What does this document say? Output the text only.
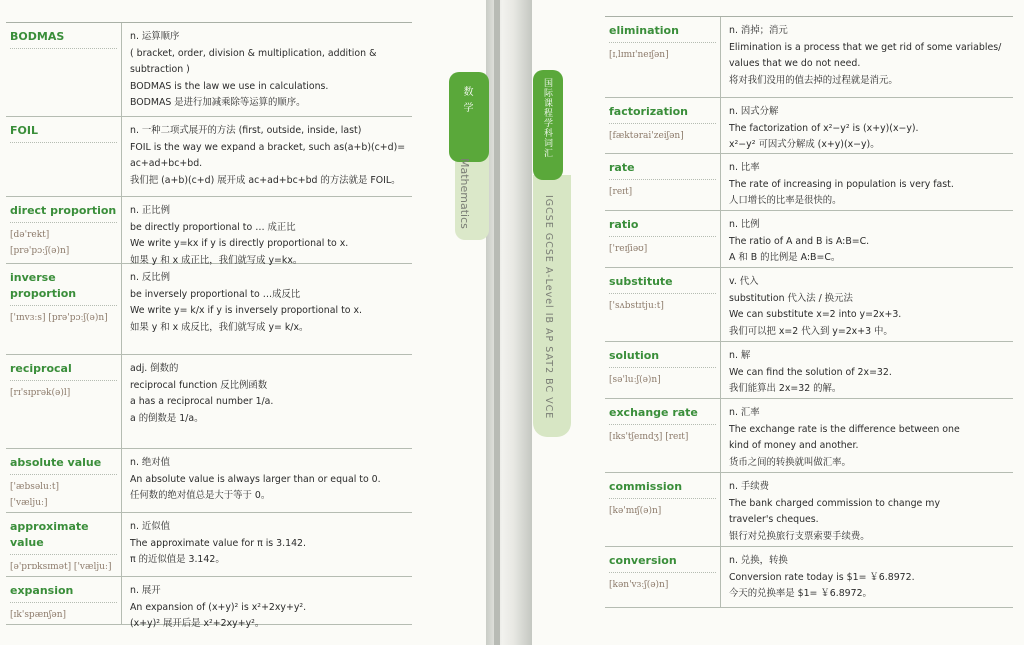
BODMAS	n. 运算顺序
( bracket, order, division & multiplication, addition &
subtraction )
BODMAS is the law we use in calculations.
BODMAS 是进行加减乘除等运算的顺序。
FOIL	n. 一种二项式展开的方法 (first, outside, inside, last)
FOIL is the way we expand a bracket, such as(a+b)(c+d)=
ac+ad+bc+bd.
我们把 (a+b)(c+d) 展开成 ac+ad+bc+bd 的方法就是 FOIL。
direct proportion
[də'rekt]
[prə'pɔːʃ(ə)n]
n. 正比例
be directly proportional to … 成正比
We write y=kx if y is directly proportional to x.
如果 y 和 x 成正比，我们就写成 y=kx。
inverse proportion
['ɪnvɜːs] [prə'pɔːʃ(ə)n]
n. 反比例
be inversely proportional to …成反比
We write y= k/x if y is inversely proportional to x.
如果 y 和 x 成反比，我们就写成 y= k/x。
reciprocal
[rɪ'sɪprək(ə)l]
adj. 倒数的
reciprocal function 反比例函数
a has a reciprocal number 1/a.
a 的倒数是 1/a。
absolute value
['æbsəluːt]
['væljuː]
n. 绝对值
An absolute value is always larger than or equal to 0.
任何数的绝对值总是大于等于 0。
approximate value
[ə'prɒksɪmət] ['væljuː]
n. 近似值
The approximate value for π is 3.142.
π 的近似值是 3.142。
expansion
[ɪk'spænʃən]
n. 展开
An expansion of (x+y)² is x²+2xy+y².
(x+y)² 展开后是 x²+2xy+y²。
elimination
[ɪˌlɪmɪ'neɪʃən]
n. 消掉；消元
Elimination is a process that we get rid of some variables/
values that we do not need.
将对我们没用的值去掉的过程就是消元。
factorization
[fæktərai'zeiʃən]
n. 因式分解
The factorization of x²−y² is (x+y)(x−y).
x²−y² 可因式分解成 (x+y)(x−y)。
rate
[reɪt]
n. 比率
The rate of increasing in population is very fast.
人口增长的比率是很快的。
ratio
['reɪʃiəʊ]
n. 比例
The ratio of A and B is A:B=C.
A 和 B 的比例是 A:B=C。
substitute
['sʌbstɪtjuːt]
v. 代入
substitution 代入法 / 换元法
We can substitute x=2 into y=2x+3.
我们可以把 x=2 代入到 y=2x+3 中。
solution
[sə'luːʃ(ə)n]
n. 解
We can find the solution of 2x=32.
我们能算出 2x=32 的解。
exchange rate
[ɪks'tʃeɪndʒ] [reɪt]
n. 汇率
The exchange rate is the difference between one
kind of money and another.
货币之间的转换就叫做汇率。
commission
[kə'mɪʃ(ə)n]
n. 手续费
The bank charged commission to change my
traveler's cheques.
银行对兑换旅行支票索要手续费。
conversion
[kən'vɜːʃ(ə)n]
n. 兑换，转换
Conversion rate today is $1= ￥6.8972.
今天的兑换率是 $1= ￥6.8972。
数学
Mathematics
国际课程学科词汇
IGCSE GCSE A-Level IB AP SAT2 BC VCE
